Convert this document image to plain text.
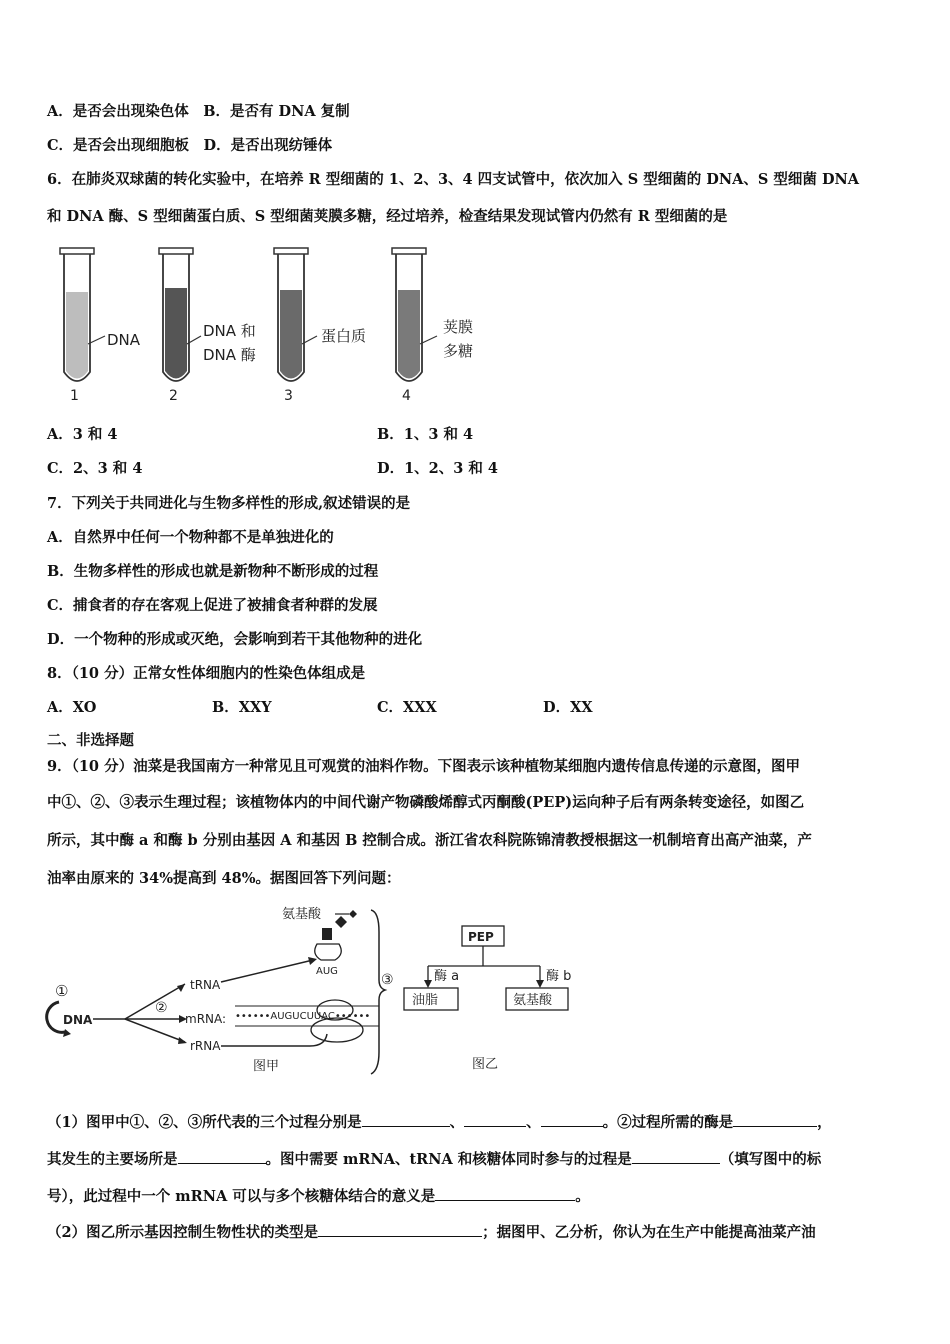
A．是否会出现染色体　B．是否有 DNA 复制
C．是否会出现细胞板　D．是否出现纺锤体
6．在肺炎双球菌的转化实验中，在培养 R 型细菌的 1、2、3、4 四支试管中，依次加入 S 型细菌的 DNA、S 型细菌 DNA
和 DNA 酶、S 型细菌蛋白质、S 型细菌荚膜多糖，经过培养，检查结果发现试管内仍然有 R 型细菌的是
DNA
1
DNA 和
DNA 酶
2
蛋白质
3
荚膜
多糖
4
A．3 和 4	B．1、3 和 4
C．2、3 和 4	D．1、2、3 和 4
7．下列关于共同进化与生物多样性的形成,叙述错误的是
A．自然界中任何一个物种都不是单独进化的
B．生物多样性的形成也就是新物种不断形成的过程
C．捕食者的存在客观上促进了被捕食者种群的发展
D．一个物种的形成或灭绝，会影响到若干其他物种的进化
8．（10 分）正常女性体细胞内的性染色体组成是
A．XO	B．XXY	C．XXX	D．XX
二、非选择题
9．（10 分）油菜是我国南方一种常见且可观赏的油料作物。下图表示该种植物某细胞内遗传信息传递的示意图，图甲
中①、②、③表示生理过程；该植物体内的中间代谢产物磷酸烯醇式丙酮酸(PEP)运向种子后有两条转变途径，如图乙
所示，其中酶 a 和酶 b 分别由基因 A 和基因 B 控制合成。浙江省农科院陈锦清教授根据这一机制培育出高产油菜，产
油率由原来的 34%提高到 48%。据图回答下列问题：
①
DNA
②
tRNA
mRNA:
rRNA
氨基酸
AUG
••••••AUGUCUUAC••••••
③
图甲
PEP
酶 a	酶 b
油脂	氨基酸
图乙
（1）图甲中①、②、③所代表的三个过程分别是	、	、	。②过程所需的酶是	，
其发生的主要场所是	。图中需要 mRNA、tRNA 和核糖体同时参与的过程是	（填写图中的标
号），此过程中一个 mRNA 可以与多个核糖体结合的意义是	。
（2）图乙所示基因控制生物性状的类型是	；据图甲、乙分析，你认为在生产中能提高油菜产油
